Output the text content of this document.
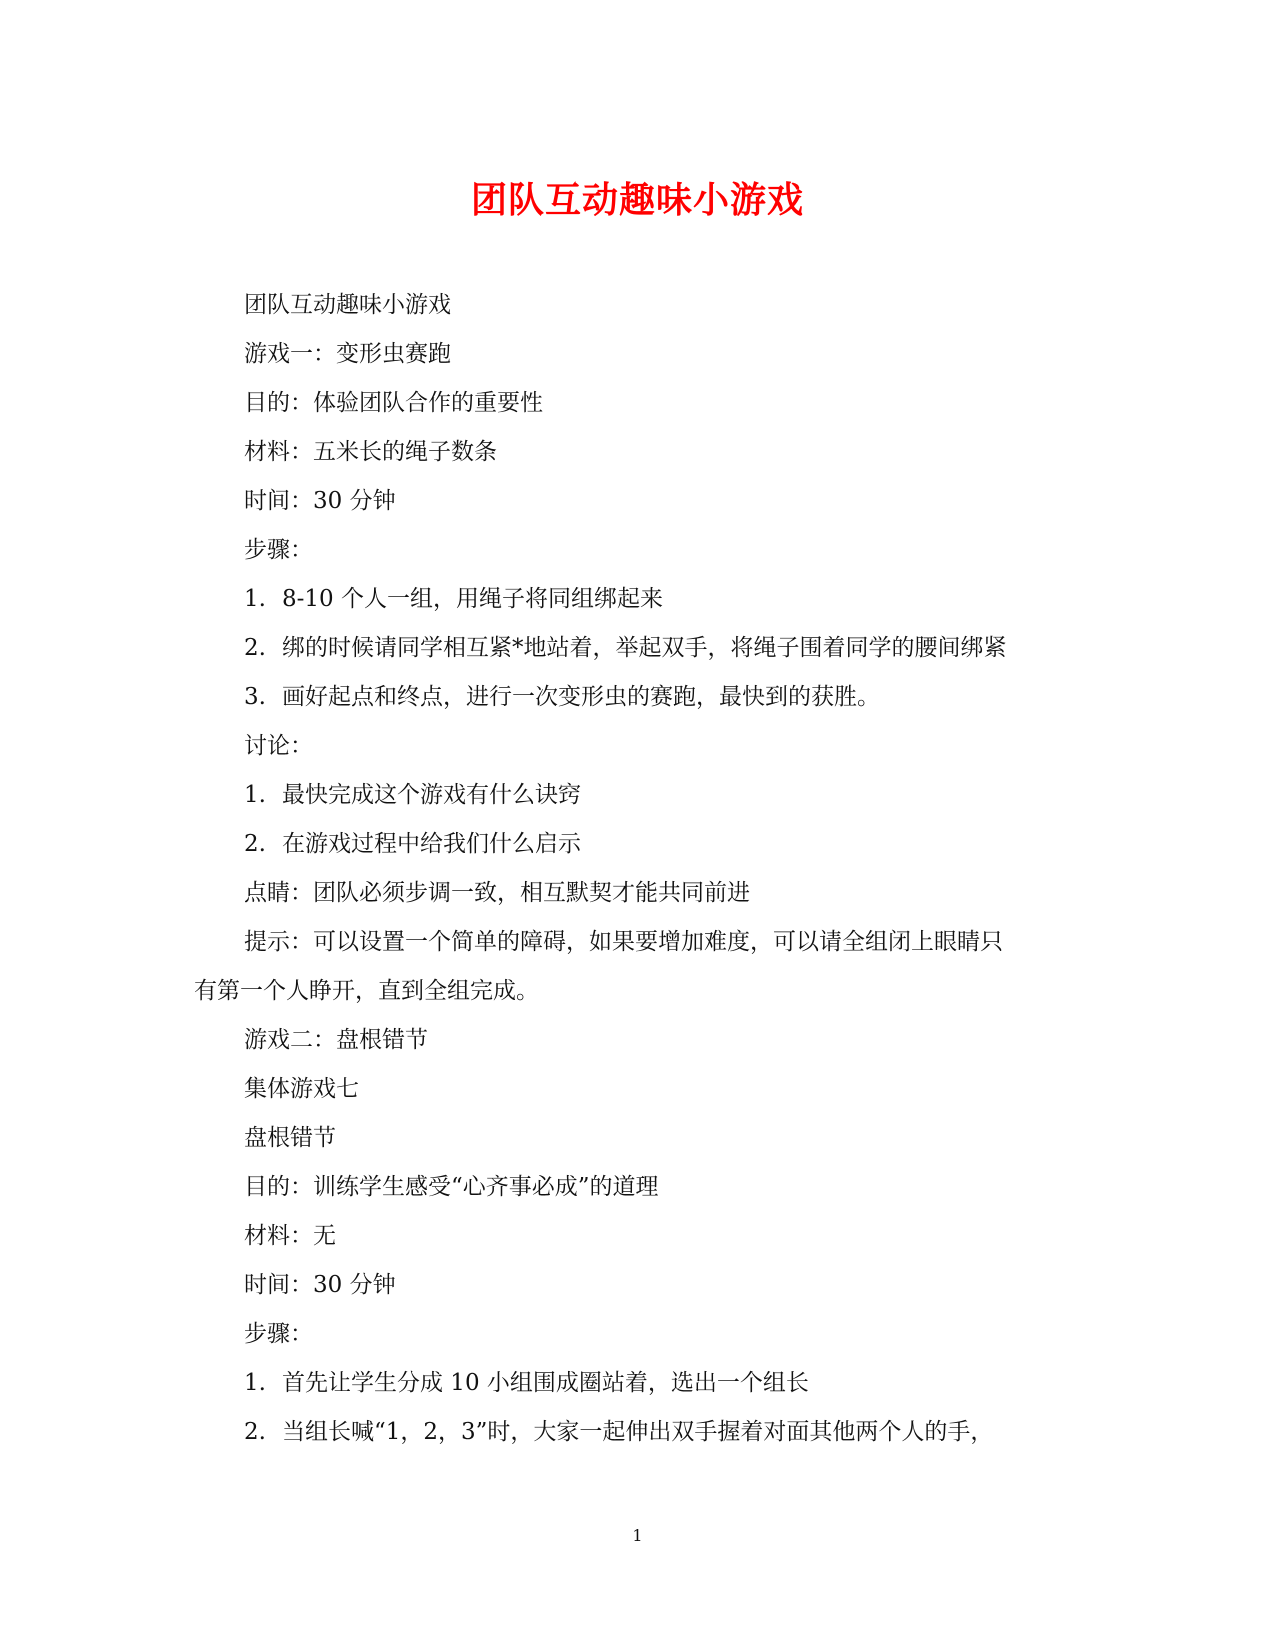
团队互动趣味小游戏

团队互动趣味小游戏

游戏一：变形虫赛跑

目的：体验团队合作的重要性

材料：五米长的绳子数条

时间：30 分钟

步骤：

1. 8-10 个人一组，用绳子将同组绑起来

2. 绑的时候请同学相互紧*地站着，举起双手，将绳子围着同学的腰间绑紧

3. 画好起点和终点，进行一次变形虫的赛跑，最快到的获胜。

讨论：

1. 最快完成这个游戏有什么诀窍

2. 在游戏过程中给我们什么启示

点睛：团队必须步调一致，相互默契才能共同前进

提示：可以设置一个简单的障碍，如果要增加难度，可以请全组闭上眼睛只

有第一个人睁开，直到全组完成。

游戏二：盘根错节

集体游戏七

盘根错节

目的：训练学生感受“心齐事必成”的道理

材料：无

时间：30 分钟

步骤：

1. 首先让学生分成 10 小组围成圈站着，选出一个组长

2. 当组长喊“1，2，3”时，大家一起伸出双手握着对面其他两个人的手，

1
